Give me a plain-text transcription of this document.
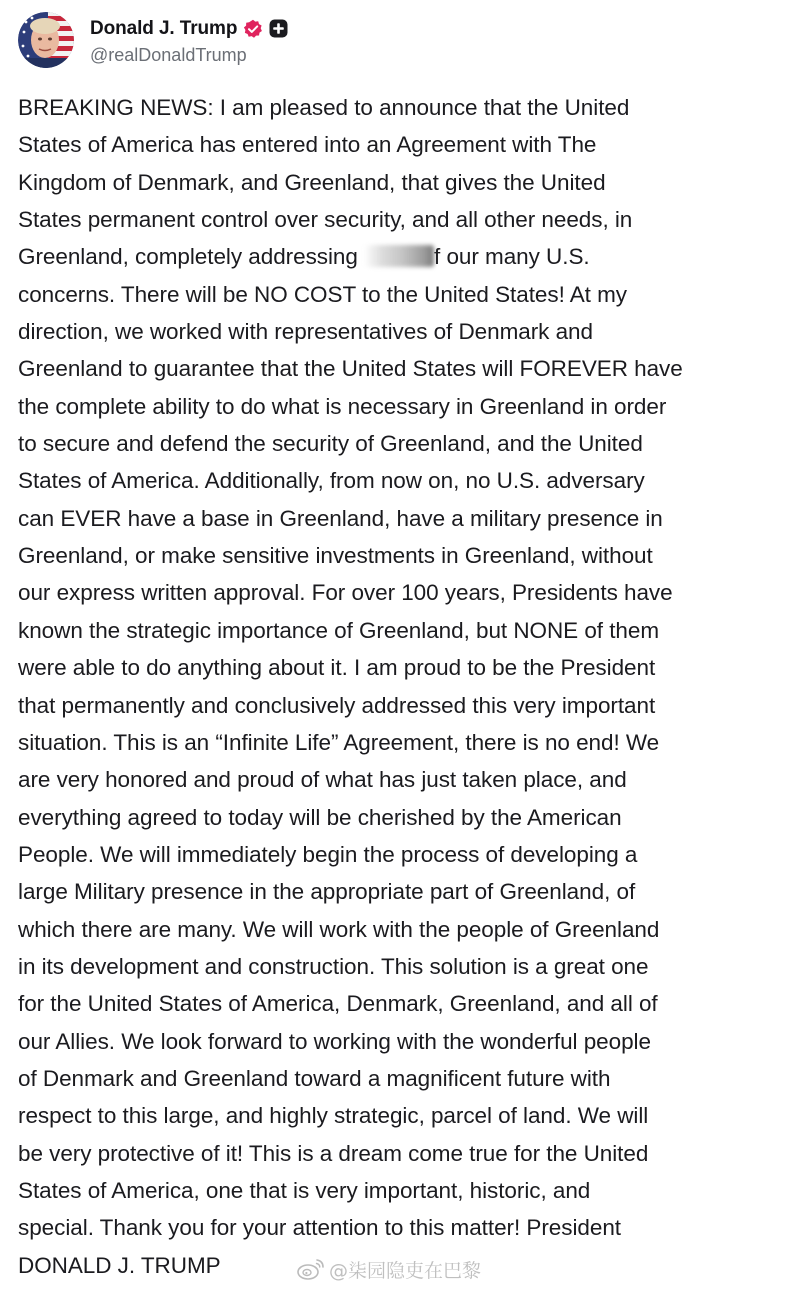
Donald J. Trump
@realDonaldTrump
BREAKING NEWS: I am pleased to announce that the United
States of America has entered into an Agreement with The
Kingdom of Denmark, and Greenland, that gives the United
States permanent control over security, and all other needs, in
Greenland, completely addressing	f our many U.S.
concerns. There will be NO COST to the United States! At my
direction, we worked with representatives of Denmark and
Greenland to guarantee that the United States will FOREVER have
the complete ability to do what is necessary in Greenland in order
to secure and defend the security of Greenland, and the United
States of America. Additionally, from now on, no U.S. adversary
can EVER have a base in Greenland, have a military presence in
Greenland, or make sensitive investments in Greenland, without
our express written approval. For over 100 years, Presidents have
known the strategic importance of Greenland, but NONE of them
were able to do anything about it. I am proud to be the President
that permanently and conclusively addressed this very important
situation. This is an “Infinite Life” Agreement, there is no end! We
are very honored and proud of what has just taken place, and
everything agreed to today will be cherished by the American
People. We will immediately begin the process of developing a
large Military presence in the appropriate part of Greenland, of
which there are many. We will work with the people of Greenland
in its development and construction. This solution is a great one
for the United States of America, Denmark, Greenland, and all of
our Allies. We look forward to working with the wonderful people
of Denmark and Greenland toward a magnificent future with
respect to this large, and highly strategic, parcel of land. We will
be very protective of it! This is a dream come true for the United
States of America, one that is very important, historic, and
special. Thank you for your attention to this matter! President
DONALD J. TRUMP	@柒园隐吏在巴黎
